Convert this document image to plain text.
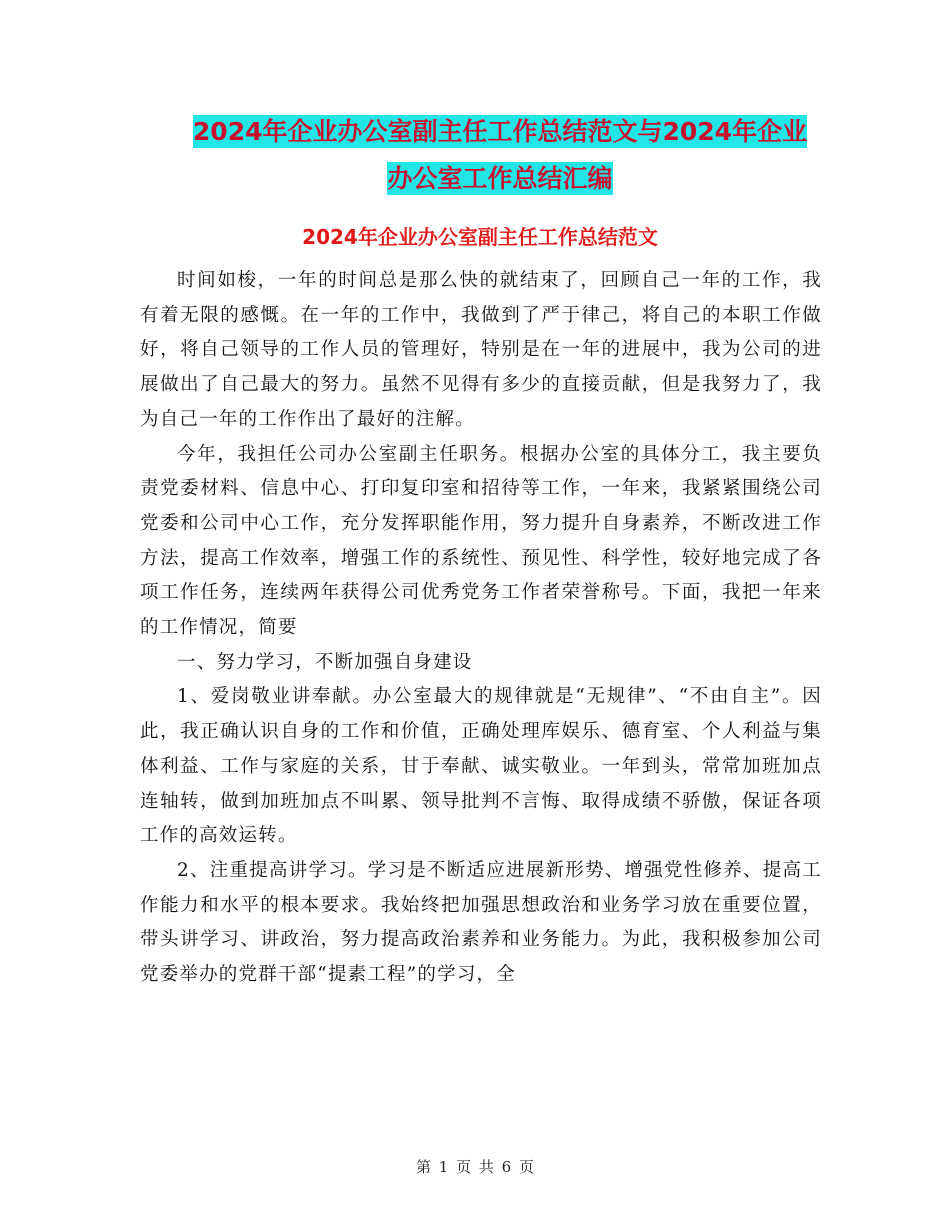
2024年企业办公室副主任工作总结范文与2024年企业
办公室工作总结汇编
2024年企业办公室副主任工作总结范文

时间如梭，一年的时间总是那么快的就结束了，回顾自己一年的工作，我有着无限的感慨。在一年的工作中，我做到了严于律己，将自己的本职工作做好，将自己领导的工作人员的管理好，特别是在一年的进展中，我为公司的进展做出了自己最大的努力。虽然不见得有多少的直接贡献，但是我努力了，我为自己一年的工作作出了最好的注解。

今年，我担任公司办公室副主任职务。根据办公室的具体分工，我主要负责党委材料、信息中心、打印复印室和招待等工作，一年来，我紧紧围绕公司党委和公司中心工作，充分发挥职能作用，努力提升自身素养，不断改进工作方法，提高工作效率，增强工作的系统性、预见性、科学性，较好地完成了各项工作任务，连续两年获得公司优秀党务工作者荣誉称号。下面，我把一年来的工作情况，简要

一、努力学习，不断加强自身建设

1、爱岗敬业讲奉献。办公室最大的规律就是“无规律”、“不由自主”。因此，我正确认识自身的工作和价值，正确处理库娱乐、德育室、个人利益与集体利益、工作与家庭的关系，甘于奉献、诚实敬业。一年到头，常常加班加点连轴转，做到加班加点不叫累、领导批判不言悔、取得成绩不骄傲，保证各项工作的高效运转。

2、注重提高讲学习。学习是不断适应进展新形势、增强党性修养、提高工作能力和水平的根本要求。我始终把加强思想政治和业务学习放在重要位置，带头讲学习、讲政治，努力提高政治素养和业务能力。为此，我积极参加公司党委举办的党群干部“提素工程”的学习，全

第 1 页 共 6 页
